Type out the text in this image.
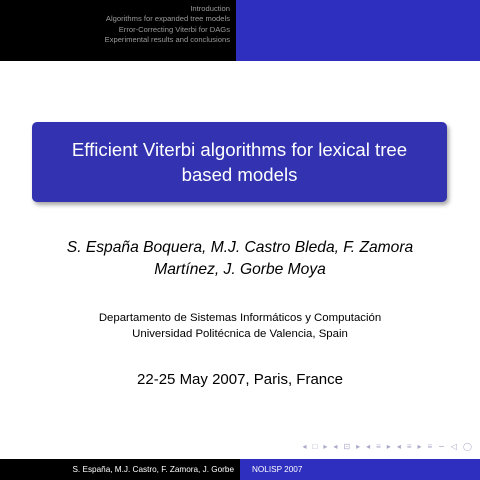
Introduction
Algorithms for expanded tree models
Error-Correcting Viterbi for DAGs
Experimental results and conclusions
Efficient Viterbi algorithms for lexical tree based models
S. España Boquera, M.J. Castro Bleda, F. Zamora
Martínez, J. Gorbe Moya
Departamento de Sistemas Informáticos y Computación
Universidad Politécnica de Valencia, Spain
22-25 May 2007, Paris, France
◂ □ ▸ ◂ ⊡ ▸ ◂ ≡ ▸ ◂ ≡ ▸ ≡ ∽ ◁ ◯
S. España, M.J. Castro, F. Zamora, J. Gorbe	NOLISP 2007
